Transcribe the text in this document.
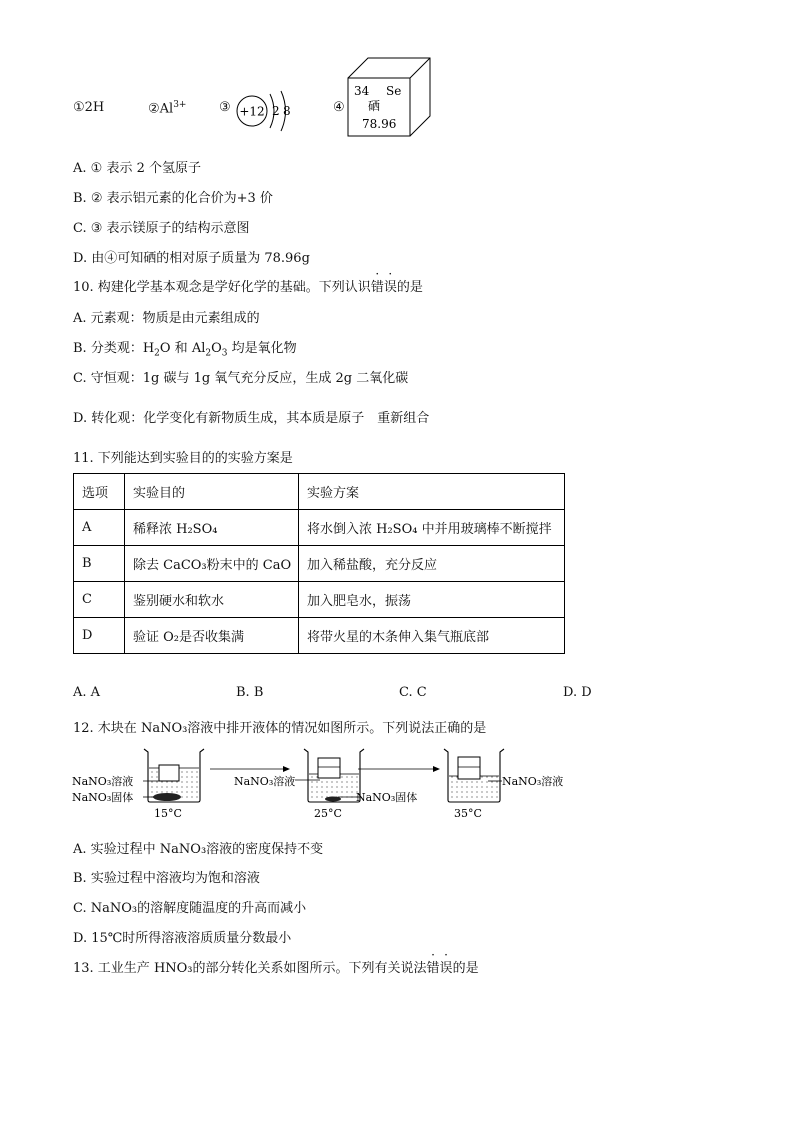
①2H	$②Al^{3+}$	③ +12 2 8	④
34 Se
硒
78.96
A. ① 表示 2 个氢原子
B. ② 表示铝元素的化合价为+3 价
C. ③ 表示镁原子的结构示意图
D. 由④可知硒的相对原子质量为 78.96g
10. 构建化学基本观念是学好化学的基础。下列认识错误的是
A. 元素观：物质是由元素组成的
B. 分类观：$H_2O$ 和 $Al_2O_3$ 均是氧化物
C. 守恒观：1g 碳与 1g 氧气充分反应，生成 2g 二氧化碳
D. 转化观：化学变化有新物质生成，其本质是原子　重新组合
11. 下列能达到实验目的的实验方案是
选项	实验目的	实验方案
A	稀释浓 H₂SO₄	将水倒入浓 H₂SO₄ 中并用玻璃棒不断搅拌
B	除去 CaCO₃粉末中的 CaO	加入稀盐酸，充分反应
C	鉴别硬水和软水	加入肥皂水，振荡
D	验证 O₂是否收集满	将带火星的木条伸入集气瓶底部
A. A	B. B	C. C	D. D
12. 木块在 NaNO₃溶液中排开液体的情况如图所示。下列说法正确的是
NaNO₃溶液
NaNO₃固体
15°C
NaNO₃溶液
NaNO₃固体
25°C
NaNO₃溶液
35°C
A. 实验过程中 NaNO₃溶液的密度保持不变
B. 实验过程中溶液均为饱和溶液
C. NaNO₃的溶解度随温度的升高而减小
D. 15℃时所得溶液溶质质量分数最小
13. 工业生产 HNO₃的部分转化关系如图所示。下列有关说法错误的是
